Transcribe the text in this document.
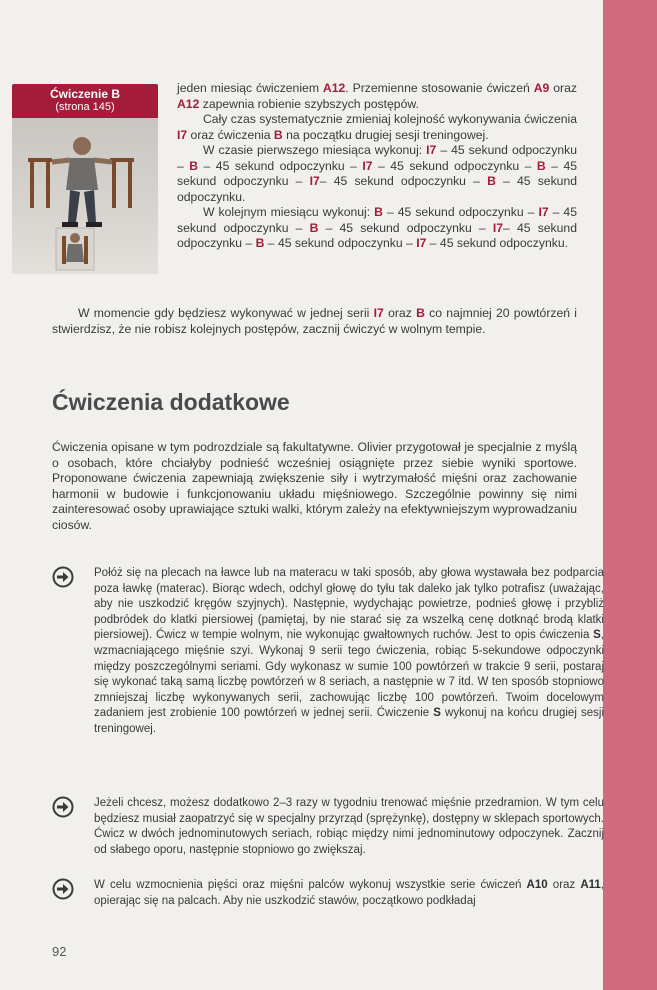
Ćwiczenie B
(strona 145)

jeden miesiąc ćwiczeniem A12. Przemienne stosowanie ćwiczeń A9 oraz A12 zapewnia robienie szybszych postępów.

Cały czas systematycznie zmieniaj kolejność wykonywania ćwiczenia I7 oraz ćwiczenia B na początku drugiej sesji treningowej.

W czasie pierwszego miesiąca wykonuj: I7 – 45 sekund odpoczynku – B – 45 sekund odpoczynku – I7 – 45 sekund odpoczynku – B – 45 sekund odpoczynku – I7– 45 sekund odpoczynku – B – 45 sekund odpoczynku.

W kolejnym miesiącu wykonuj: B – 45 sekund odpoczynku – I7 – 45 sekund odpoczynku – B – 45 sekund odpoczynku – I7– 45 sekund odpoczynku – B – 45 sekund odpoczynku – I7 – 45 sekund odpoczynku.

W momencie gdy będziesz wykonywać w jednej serii I7 oraz B co najmniej 20 powtórzeń i stwierdzisz, że nie robisz kolejnych postępów, zacznij ćwiczyć w wolnym tempie.

Ćwiczenia dodatkowe

Ćwiczenia opisane w tym podrozdziale są fakultatywne. Olivier przygotował je specjalnie z myślą o osobach, które chciałyby podnieść wcześniej osiągnięte przez siebie wyniki sportowe. Proponowane ćwiczenia zapewniają zwiększenie siły i wytrzymałość mięśni oraz zachowanie harmonii w budowie i funkcjonowaniu układu mięśniowego. Szczególnie powinny się nimi zainteresować osoby uprawiające sztuki walki, którym zależy na efektywniejszym wyprowadzaniu ciosów.

Połóż się na plecach na ławce lub na materacu w taki sposób, aby głowa wystawała bez podparcia poza ławkę (materac). Biorąc wdech, odchyl głowę do tyłu tak daleko jak tylko potrafisz (uważając, aby nie uszkodzić kręgów szyjnych). Następnie, wydychając powietrze, podnieś głowę i przybliż podbródek do klatki piersiowej (pamiętaj, by nie starać się za wszelką cenę dotknąć brodą klatki piersiowej). Ćwicz w tempie wolnym, nie wykonując gwałtownych ruchów. Jest to opis ćwiczenia S, wzmacniającego mięśnie szyi. Wykonaj 9 serii tego ćwiczenia, robiąc 5-sekundowe odpoczynki między poszczególnymi seriami. Gdy wykonasz w sumie 100 powtórzeń w trakcie 9 serii, postaraj się wykonać taką samą liczbę powtórzeń w 8 seriach, a następnie w 7 itd. W ten sposób stopniowo zmniejszaj liczbę wykonywanych serii, zachowując liczbę 100 powtórzeń. Twoim docelowym zadaniem jest zrobienie 100 powtórzeń w jednej serii. Ćwiczenie S wykonuj na końcu drugiej sesji treningowej.
Jeżeli chcesz, możesz dodatkowo 2–3 razy w tygodniu trenować mięśnie przedramion. W tym celu będziesz musiał zaopatrzyć się w specjalny przyrząd (sprężynkę), dostępny w sklepach sportowych. Ćwicz w dwóch jednominutowych seriach, robiąc między nimi jednominutowy odpoczynek. Zacznij od słabego oporu, następnie stopniowo go zwiększaj.
W celu wzmocnienia pięści oraz mięśni palców wykonuj wszystkie serie ćwiczeń A10 oraz A11, opierając się na palcach. Aby nie uszkodzić stawów, początkowo podkładaj
92
